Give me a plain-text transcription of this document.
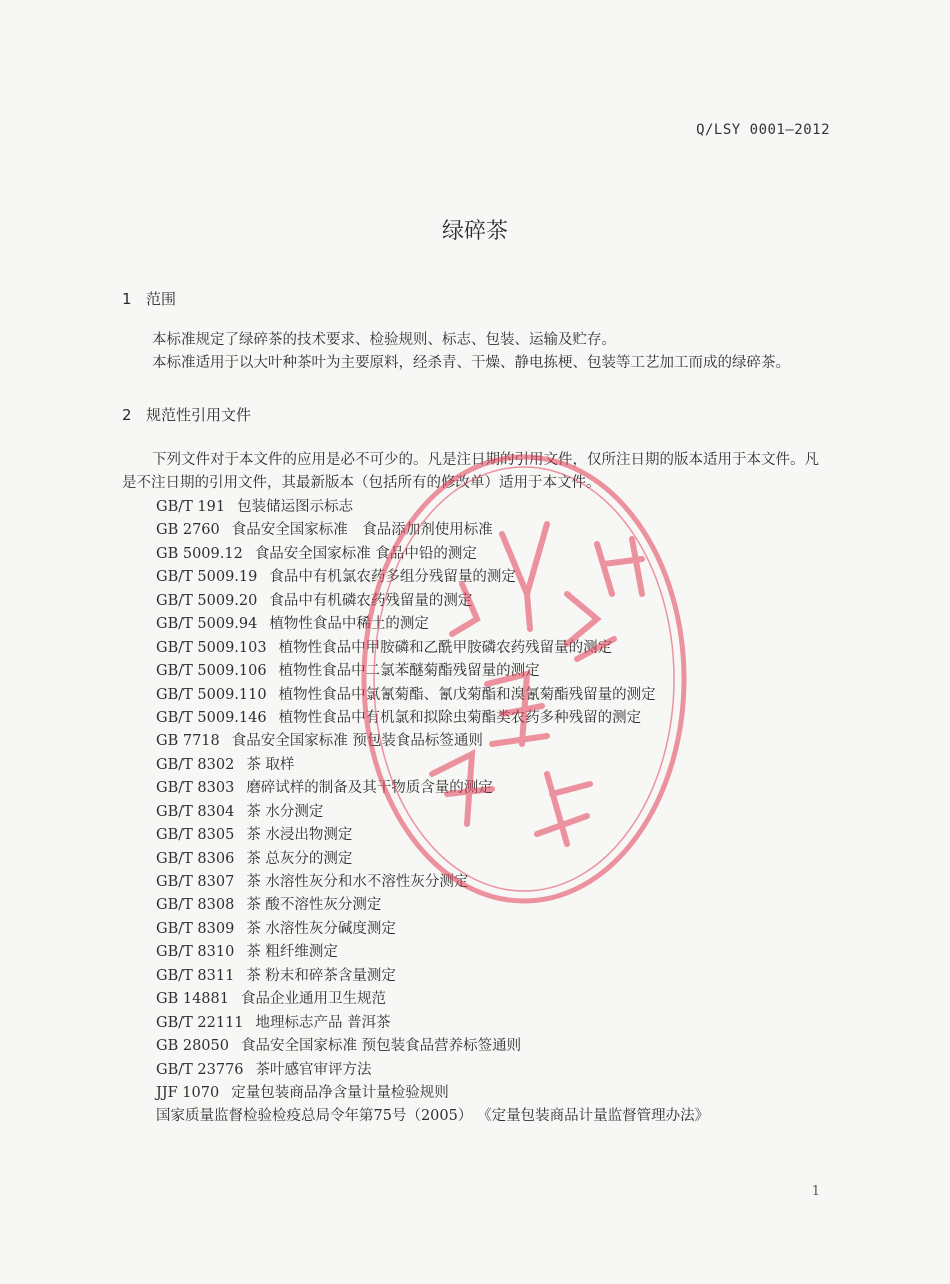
Q/LSY 0001—2012
绿碎茶
1 范围

本标准规定了绿碎茶的技术要求、检验规则、标志、包装、运输及贮存。

本标准适用于以大叶种茶叶为主要原料，经杀青、干燥、静电拣梗、包装等工艺加工而成的绿碎茶。

2 规范性引用文件

下列文件对于本文件的应用是必不可少的。凡是注日期的引用文件，仅所注日期的版本适用于本文件。凡是不注日期的引用文件，其最新版本（包括所有的修改单）适用于本文件。

GB/T 191 包装储运图示标志
GB 2760 食品安全国家标准　食品添加剂使用标准
GB 5009.12 食品安全国家标准 食品中铅的测定
GB/T 5009.19 食品中有机氯农药多组分残留量的测定
GB/T 5009.20 食品中有机磷农药残留量的测定
GB/T 5009.94 植物性食品中稀土的测定
GB/T 5009.103 植物性食品中甲胺磷和乙酰甲胺磷农药残留量的测定
GB/T 5009.106 植物性食品中二氯苯醚菊酯残留量的测定
GB/T 5009.110 植物性食品中氯氰菊酯、氰戊菊酯和溴氰菊酯残留量的测定
GB/T 5009.146 植物性食品中有机氯和拟除虫菊酯类农药多种残留的测定
GB 7718 食品安全国家标准 预包装食品标签通则
GB/T 8302 茶 取样
GB/T 8303 磨碎试样的制备及其干物质含量的测定
GB/T 8304 茶 水分测定
GB/T 8305 茶 水浸出物测定
GB/T 8306 茶 总灰分的测定
GB/T 8307 茶 水溶性灰分和水不溶性灰分测定
GB/T 8308 茶 酸不溶性灰分测定
GB/T 8309 茶 水溶性灰分碱度测定
GB/T 8310 茶 粗纤维测定
GB/T 8311 茶 粉末和碎茶含量测定
GB 14881 食品企业通用卫生规范
GB/T 22111 地理标志产品 普洱茶
GB 28050 食品安全国家标准 预包装食品营养标签通则
GB/T 23776 茶叶感官审评方法
JJF 1070 定量包装商品净含量计量检验规则
国家质量监督检验检疫总局令年第75号（2005） 《定量包装商品计量监督管理办法》
1
